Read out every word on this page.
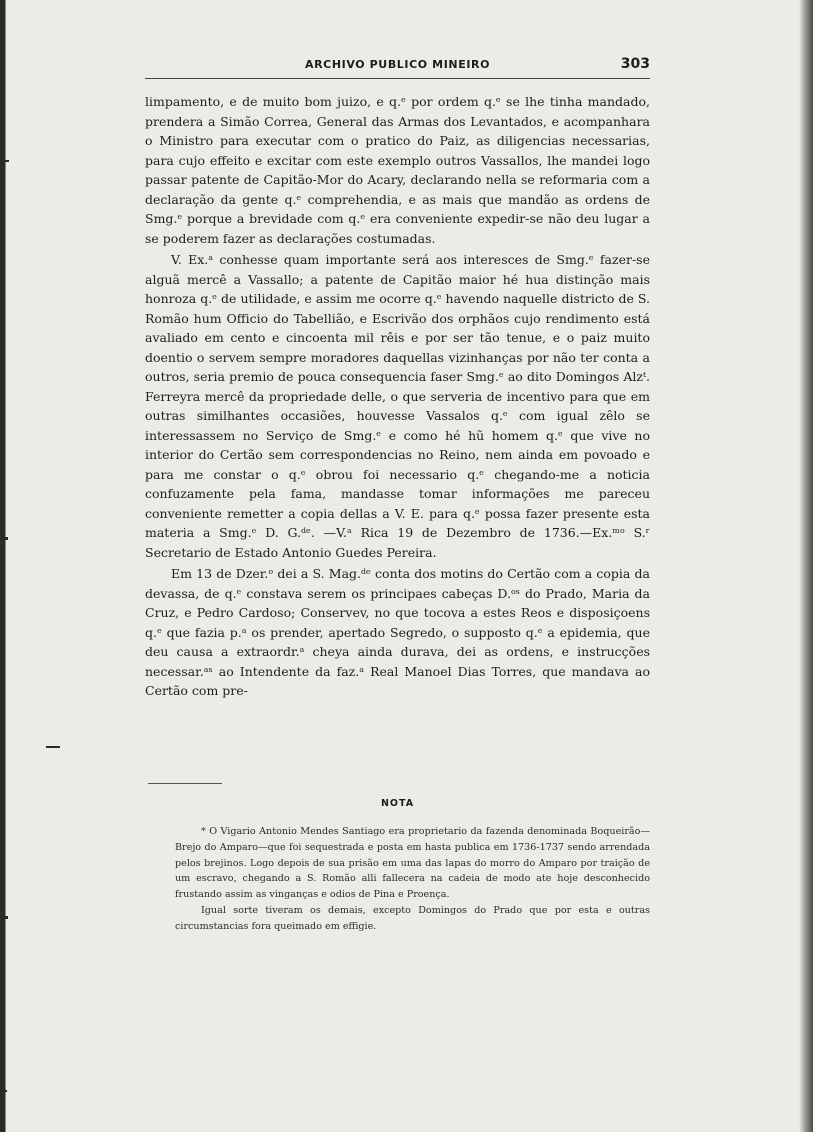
ARCHIVO PUBLICO MINEIRO	303

limpamento, e de muito bom juizo, e q.ᵉ por ordem q.ᵉ se lhe tinha mandado, prendera a Simão Correa, General das Armas dos Levantados, e acompanhara o Ministro para executar com o pratico do Paiz, as diligencias necessarias, para cujo effeito e excitar com este exemplo outros Vassallos, lhe mandei logo passar patente de Capitão-Mor do Acary, declarando nella se reformaria com a declaração da gente q.ᵉ comprehendia, e as mais que mandão as ordens de Smg.ᵉ porque a brevidade com q.ᵉ era conveniente expedir-se não deu lugar a se poderem fazer as declarações costumadas.

V. Ex.ᵃ conhesse quam importante será aos interesces de Smg.ᵉ fazer-se alguã mercê a Vassallo; a patente de Capitão maior hé hua distinção mais honroza q.ᵉ de utilidade, e assim me ocorre q.ᵉ havendo naquelle districto de S. Romão hum Officio do Tabellião, e Escrivão dos orphãos cujo rendimento está avaliado em cento e cincoenta mil rêis e por ser tão tenue, e o paiz muito doentio o servem sempre moradores daquellas vizinhanças por não ter conta a outros, seria premio de pouca consequencia faser Smg.ᵉ ao dito Domingos Alzᵗ. Ferreyra mercê da propriedade delle, o que serveria de incentivo para que em outras similhantes occasiões, houvesse Vassalos q.ᵉ com igual zêlo se interessassem no Serviço de Smg.ᵉ e como hé hũ homem q.ᵉ que vive no interior do Certão sem correspondencias no Reino, nem ainda em povoado e para me constar o q.ᵉ obrou foi necessario q.ᵉ chegando-me a noticia confuzamente pela fama, mandasse tomar informações me pareceu conveniente remetter a copia dellas a V. E. para q.ᵉ possa fazer presente esta materia a Smg.ᵉ D. G.ᵈᵉ. —V.ᵃ Rica 19 de Dezembro de 1736.—Ex.ᵐᵒ S.ʳ Secretario de Estado Antonio Guedes Pereira.

Em 13 de Dzer.ᵒ dei a S. Mag.ᵈᵉ conta dos motins do Certão com a copia da devassa, de q.ᵉ constava serem os principaes cabeças D.ᵒˢ do Prado, Maria da Cruz, e Pedro Cardoso; Conservev, no que tocova a estes Reos e disposiçoens q.ᵉ que fazia p.ᵃ os prender, apertado Segredo, o supposto q.ᵉ a epidemia, que deu causa a extraordr.ᵃ cheya ainda durava, dei as ordens, e instrucções necessar.ᵃˢ ao Intendente da faz.ᵃ Real Manoel Dias Torres, que mandava ao Certão com pre-

NOTA

* O Vigario Antonio Mendes Santiago era proprietario da fazenda denominada Boqueirão—Brejo do Amparo—que foi sequestrada e posta em hasta publica em 1736-1737 sendo arrendada pelos brejinos. Logo depois de sua prisão em uma das lapas do morro do Amparo por traição de um escravo, chegando a S. Romão alli fallecera na cadeia de modo ate hoje desconhecido frustando assim as vinganças e odios de Pina e Proença.

Igual sorte tiveram os demais, excepto Domingos do Prado que por esta e outras circumstancias fora queimado em effigie.
